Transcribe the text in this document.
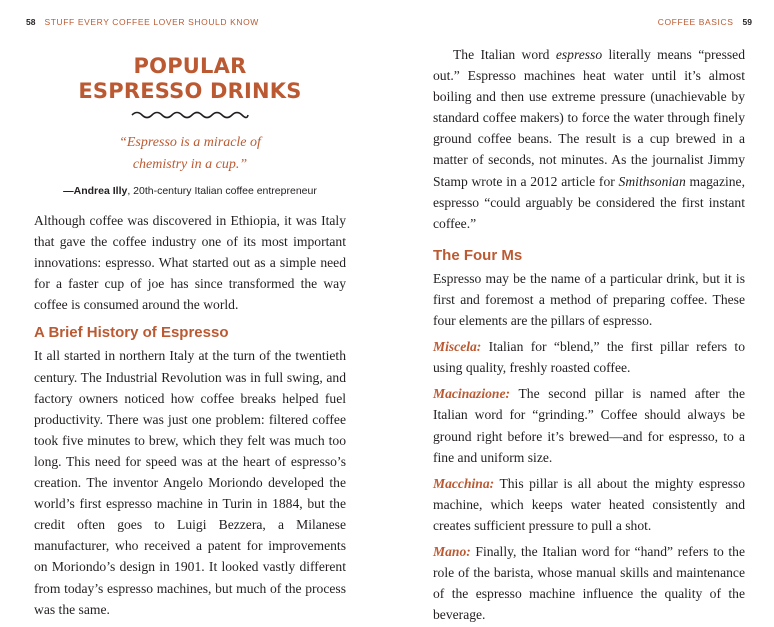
58 STUFF EVERY COFFEE LOVER SHOULD KNOW
POPULAR
ESPRESSO DRINKS

“Espresso is a miracle of
chemistry in a cup.”

—Andrea Illy, 20th-century Italian coffee entrepreneur

Although coffee was discovered in Ethiopia, it was Italy that gave the coffee industry one of its most important innovations: espresso. What started out as a simple need for a faster cup of joe has since transformed the way coffee is consumed around the world.

A Brief History of Espresso

It all started in northern Italy at the turn of the twentieth century. The Industrial Revolution was in full swing, and factory owners noticed how coffee breaks helped fuel productivity. There was just one problem: filtered coffee took five minutes to brew, which they felt was much too long. This need for speed was at the heart of espresso’s creation. The inventor Angelo Moriondo developed the world’s first espresso machine in Turin in 1884, but the credit often goes to Luigi Bezzera, a Milanese manufacturer, who received a patent for improvements on Moriondo’s design in 1901. It looked vastly different from today’s espresso machines, but much of the process was the same.

COFFEE BASICS 59

The Italian word espresso literally means “pressed out.” Espresso machines heat water until it’s almost boiling and then use extreme pressure (unachievable by standard coffee makers) to force the water through finely ground coffee beans. The result is a cup brewed in a matter of seconds, not minutes. As the journalist Jimmy Stamp wrote in a 2012 article for Smithsonian magazine, espresso “could arguably be considered the first instant coffee.”

The Four Ms

Espresso may be the name of a particular drink, but it is first and foremost a method of preparing coffee. These four elements are the pillars of espresso.

Miscela: Italian for “blend,” the first pillar refers to using quality, freshly roasted coffee.

Macinazione: The second pillar is named after the Italian word for “grinding.” Coffee should always be ground right before it’s brewed—and for espresso, to a fine and uniform size.

Macchina: This pillar is all about the mighty espresso machine, which keeps water heated consistently and creates sufficient pressure to pull a shot.

Mano: Finally, the Italian word for “hand” refers to the role of the barista, whose manual skills and maintenance of the espresso machine influence the quality of the beverage.
